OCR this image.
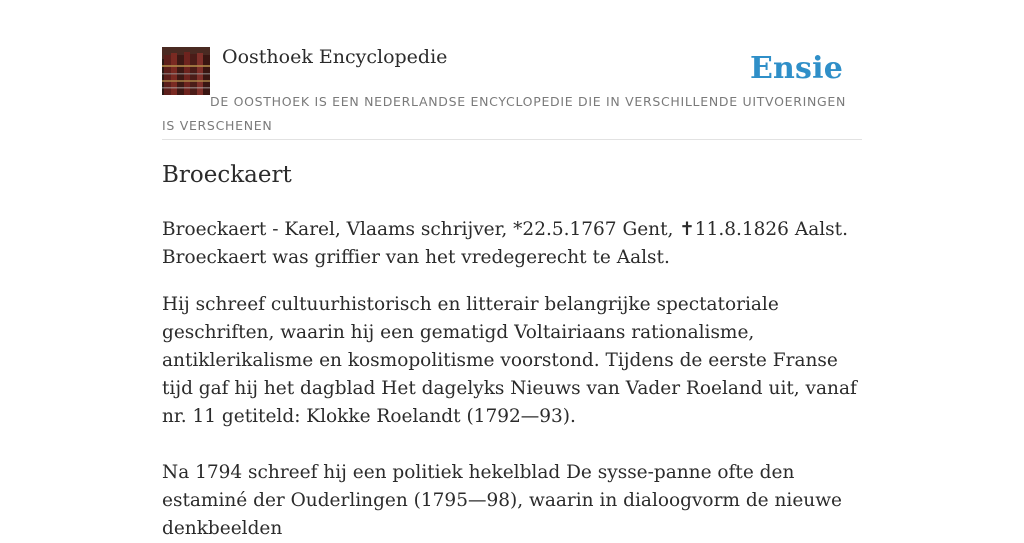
Oosthoek Encyclopedie	Ensie
DE OOSTHOEK IS EEN NEDERLANDSE ENCYCLOPEDIE DIE IN VERSCHILLENDE UITVOERINGEN IS VERSCHENEN
Broeckaert

Broeckaert - Karel, Vlaams schrijver, *22.5.1767 Gent, ✝11.8.1826 Aalst. Broeckaert was griffier van het vredegerecht te Aalst.

Hij schreef cultuurhistorisch en litterair belangrijke spectatoriale geschriften, waarin hij een gematigd Voltairiaans rationalisme, antiklerikalisme en kosmopolitisme voorstond. Tijdens de eerste Franse tijd gaf hij het dagblad Het dagelyks Nieuws van Vader Roeland uit, vanaf nr. 11 getiteld: Klokke Roelandt (1792—93).

Na 1794 schreef hij een politiek hekelblad De sysse-panne ofte den estaminé der Ouderlingen (1795—98), waarin in dialoogvorm de nieuwe denkbeelden
